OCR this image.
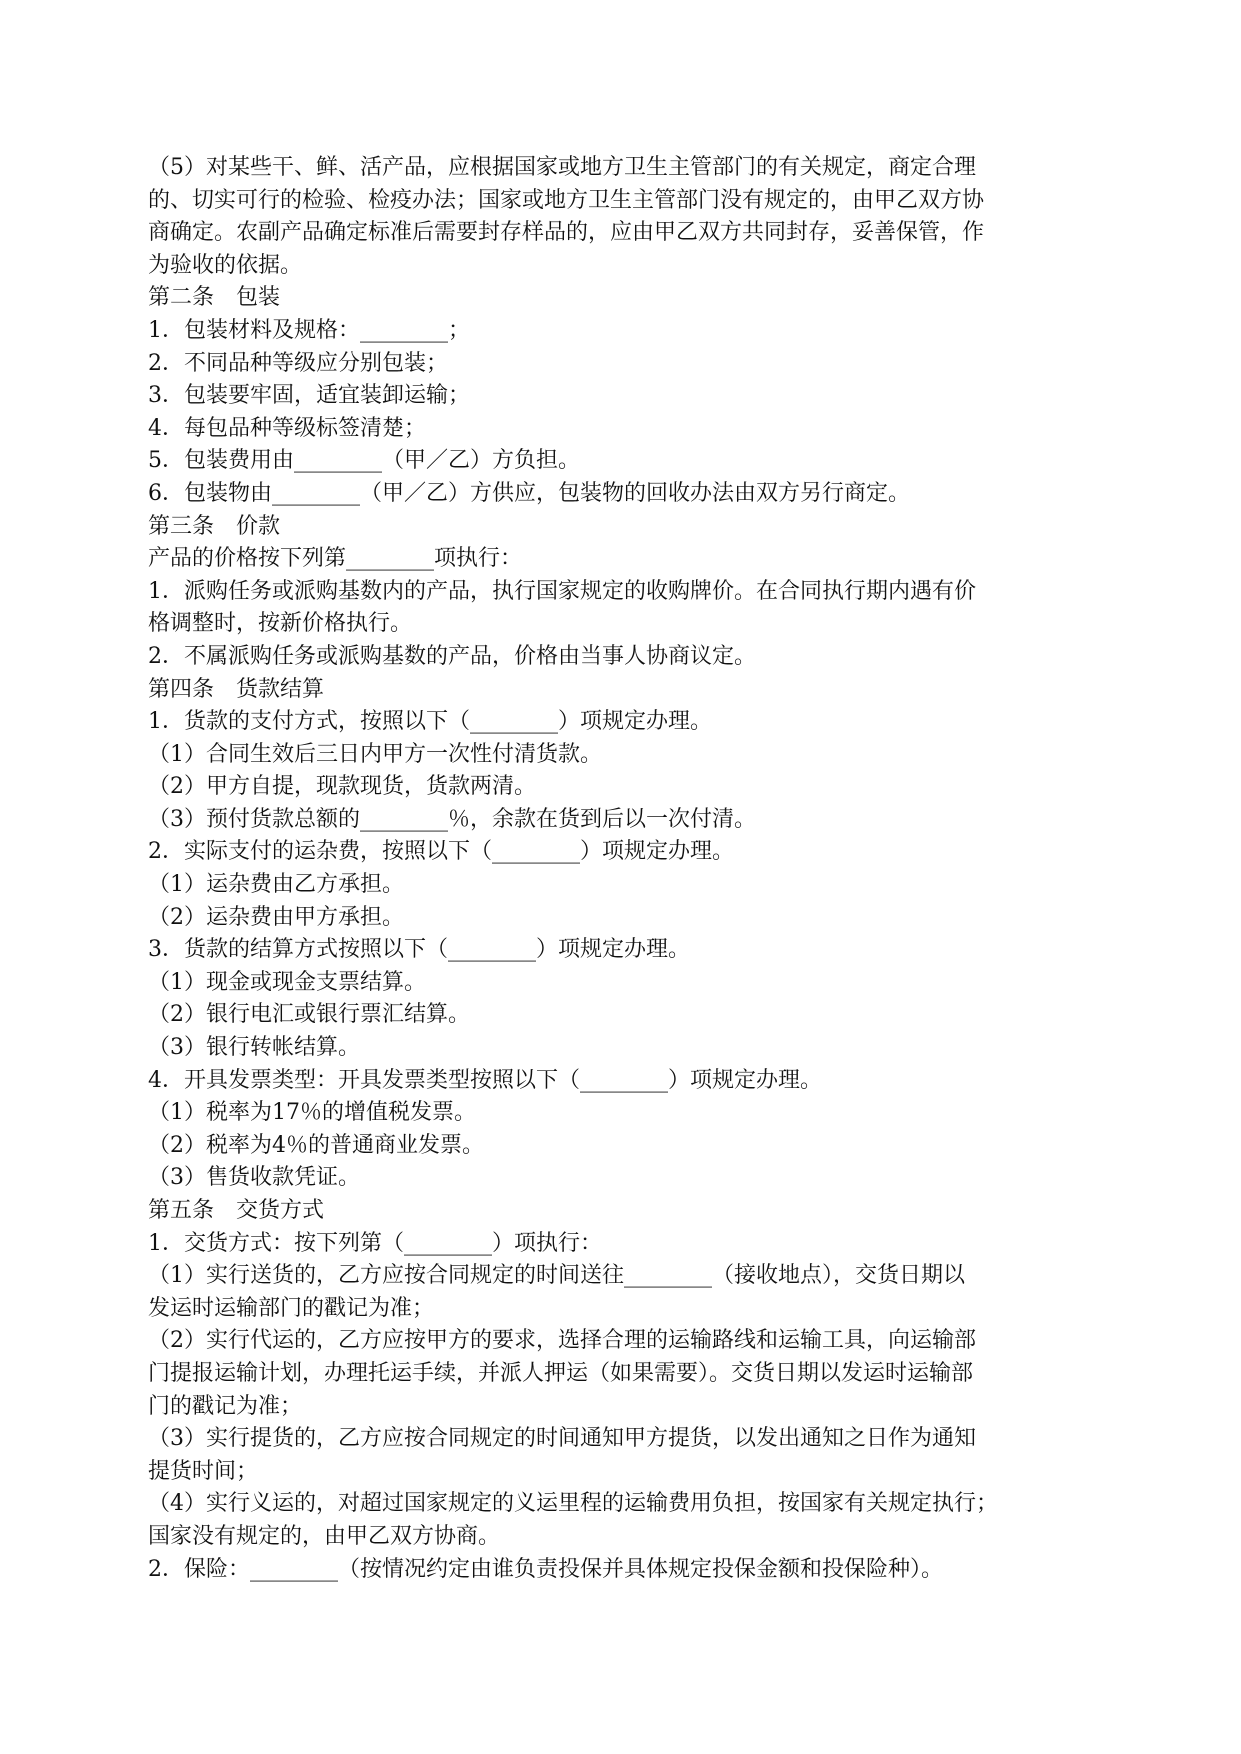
（5）对某些干、鲜、活产品，应根据国家或地方卫生主管部门的有关规定，商定合理
的、切实可行的检验、检疫办法；国家或地方卫生主管部门没有规定的，由甲乙双方协
商确定。农副产品确定标准后需要封存样品的，应由甲乙双方共同封存，妥善保管，作
为验收的依据。
第二条　包装
1．包装材料及规格：________；
2．不同品种等级应分别包装；
3．包装要牢固，适宜装卸运输；
4．每包品种等级标签清楚；
5．包装费用由________（甲／乙）方负担。
6．包装物由________（甲／乙）方供应，包装物的回收办法由双方另行商定。
第三条　价款
产品的价格按下列第________项执行：
1．派购任务或派购基数内的产品，执行国家规定的收购牌价。在合同执行期内遇有价
格调整时，按新价格执行。
2．不属派购任务或派购基数的产品，价格由当事人协商议定。
第四条　货款结算
1．货款的支付方式，按照以下（________）项规定办理。
（1）合同生效后三日内甲方一次性付清货款。
（2）甲方自提，现款现货，货款两清。
（3）预付货款总额的________％，余款在货到后以一次付清。
2．实际支付的运杂费，按照以下（________）项规定办理。
（1）运杂费由乙方承担。
（2）运杂费由甲方承担。
3．货款的结算方式按照以下（________）项规定办理。
（1）现金或现金支票结算。
（2）银行电汇或银行票汇结算。
（3）银行转帐结算。
4．开具发票类型：开具发票类型按照以下（________）项规定办理。
（1）税率为17％的增值税发票。
（2）税率为4％的普通商业发票。
（3）售货收款凭证。
第五条　交货方式
1．交货方式：按下列第（________）项执行：
（1）实行送货的，乙方应按合同规定的时间送往________（接收地点），交货日期以
发运时运输部门的戳记为准；
（2）实行代运的，乙方应按甲方的要求，选择合理的运输路线和运输工具，向运输部
门提报运输计划，办理托运手续，并派人押运（如果需要）。交货日期以发运时运输部
门的戳记为准；
（3）实行提货的，乙方应按合同规定的时间通知甲方提货，以发出通知之日作为通知
提货时间；
（4）实行义运的，对超过国家规定的义运里程的运输费用负担，按国家有关规定执行；
国家没有规定的，由甲乙双方协商。
2．保险：________（按情况约定由谁负责投保并具体规定投保金额和投保险种）。
